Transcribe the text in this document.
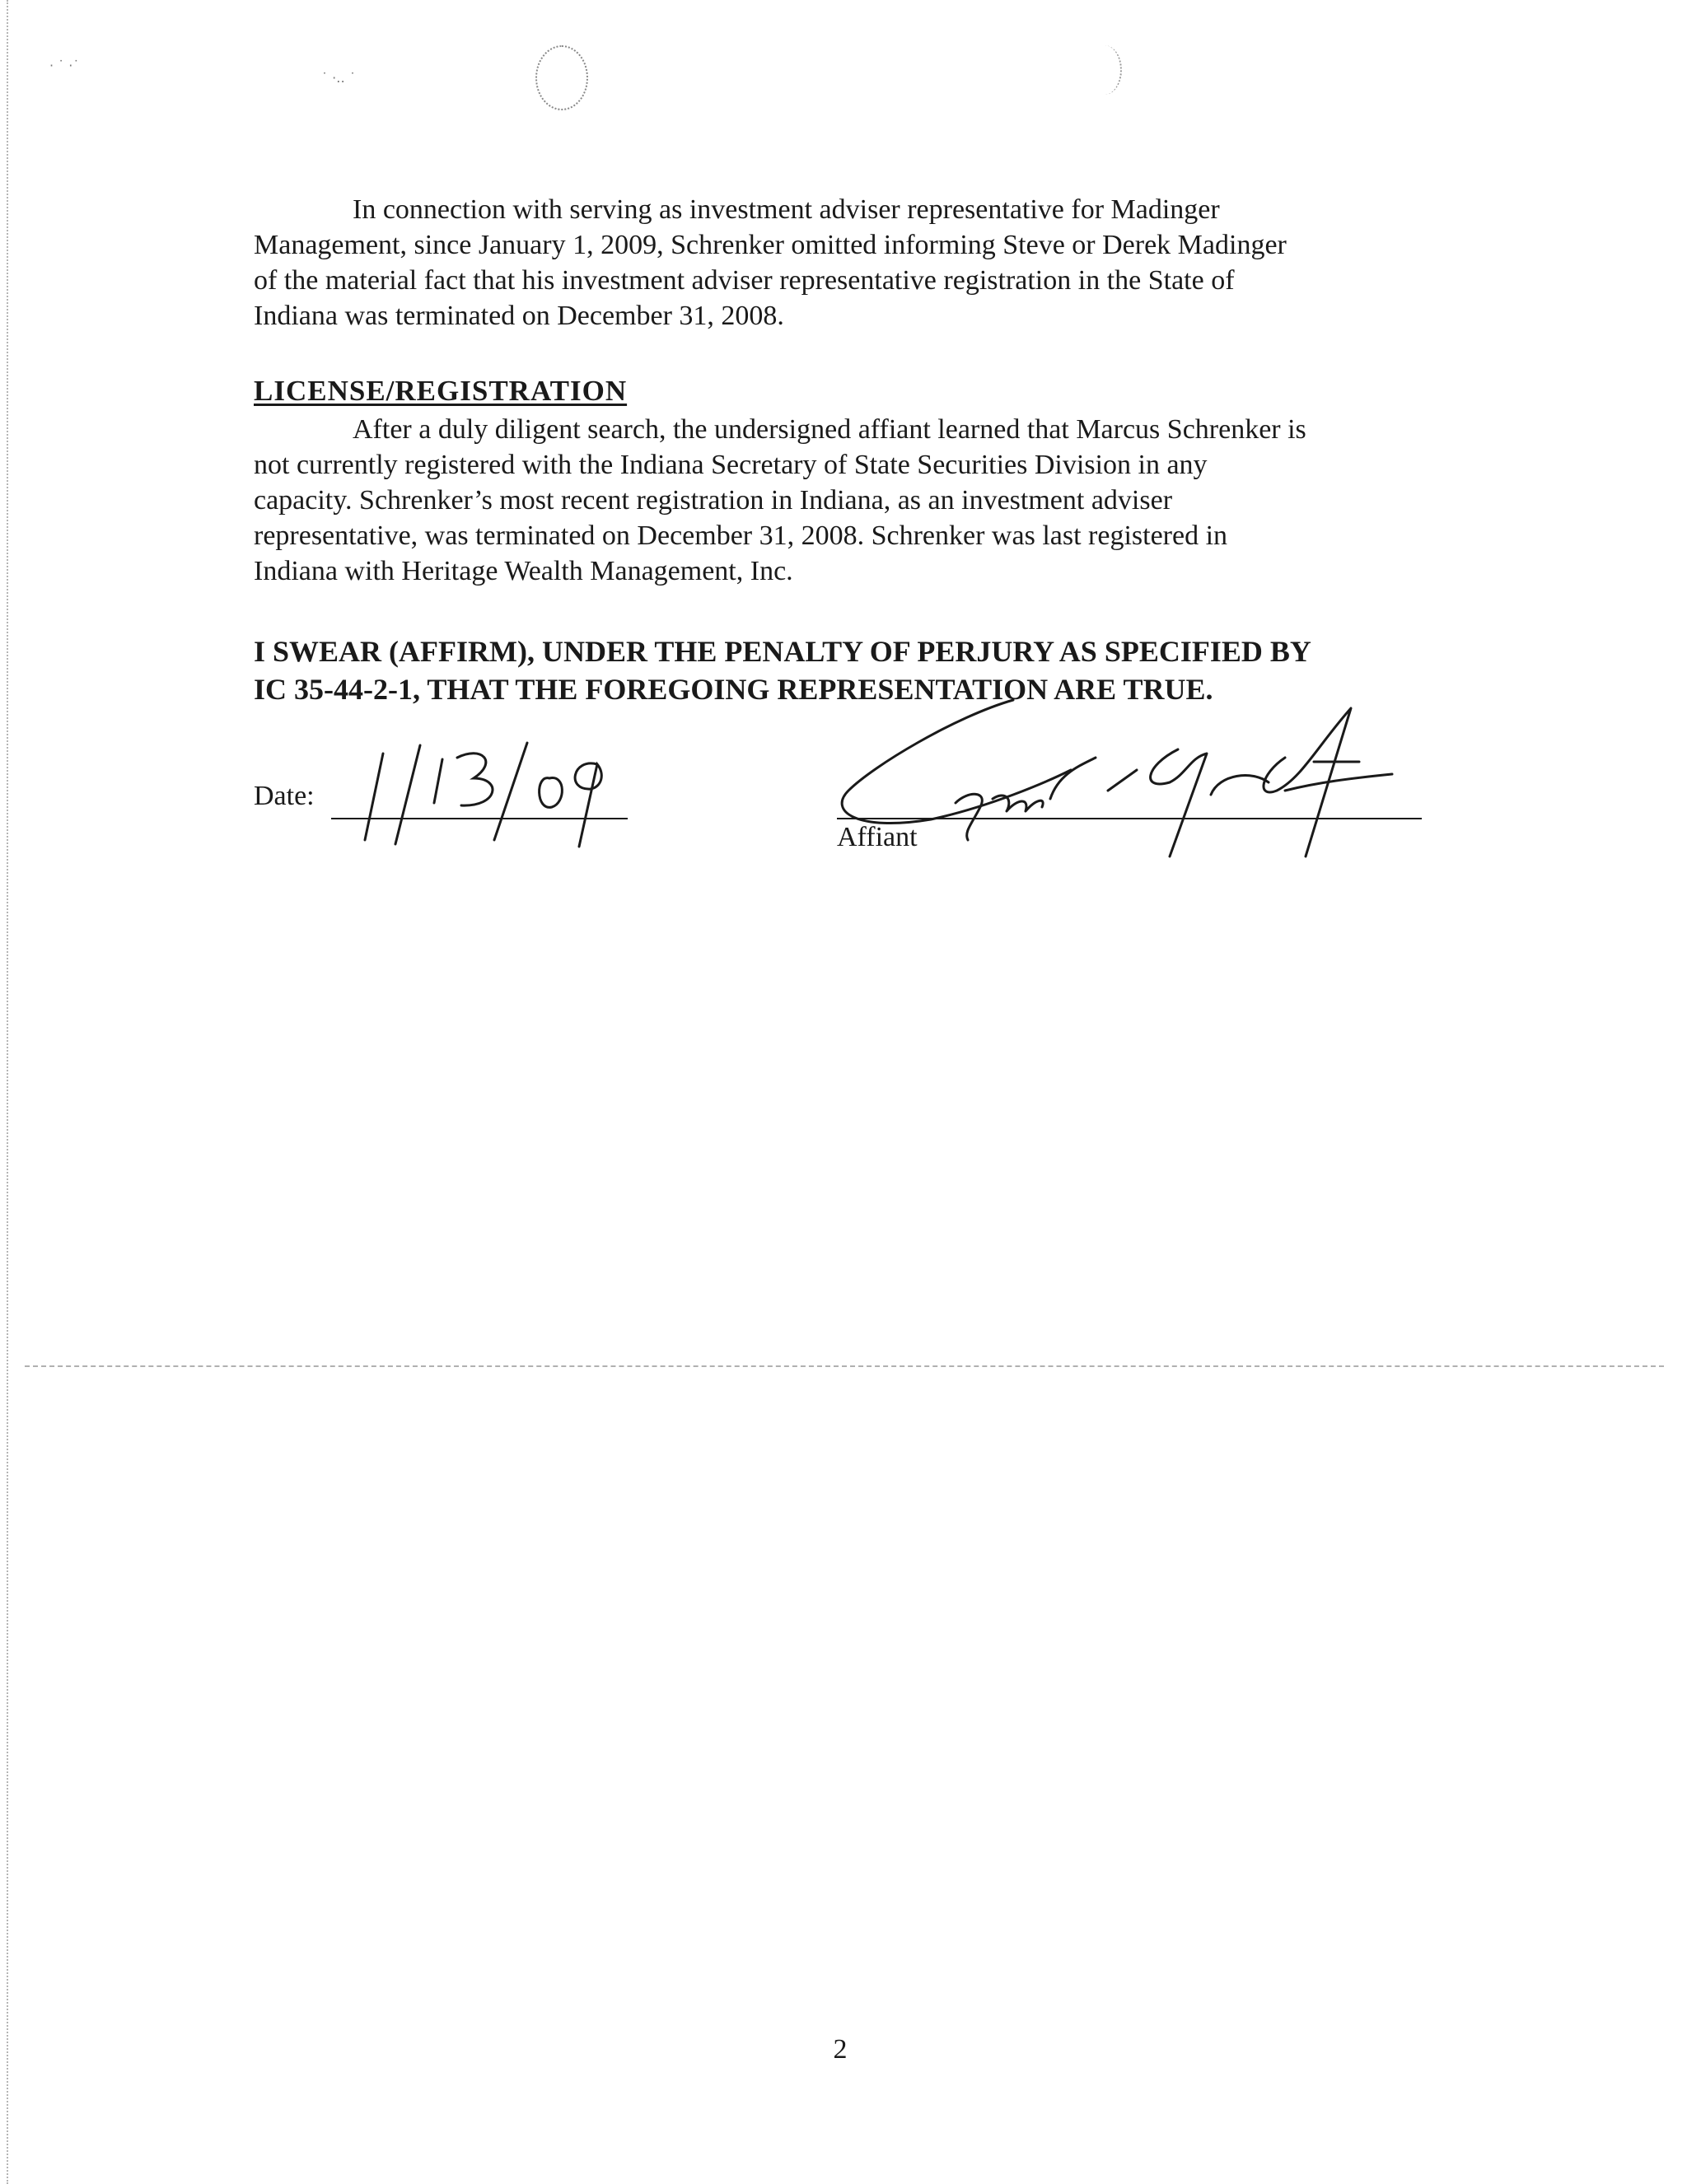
· ˙ ·˙
˙ ·‥ ˙

In connection with serving as investment adviser representative for Madinger
Management, since January 1, 2009, Schrenker omitted informing Steve or Derek Madinger
of the material fact that his investment adviser representative registration in the State of
Indiana was terminated on December 31, 2008.

LICENSE/REGISTRATION

After a duly diligent search, the undersigned affiant learned that Marcus Schrenker is
not currently registered with the Indiana Secretary of State Securities Division in any
capacity. Schrenker’s most recent registration in Indiana, as an investment adviser
representative, was terminated on December 31, 2008. Schrenker was last registered in
Indiana with Heritage Wealth Management, Inc.

I SWEAR (AFFIRM), UNDER THE PENALTY OF PERJURY AS SPECIFIED BY
IC 35-44-2-1, THAT THE FOREGOING REPRESENTATION ARE TRUE.
Date:
Affiant
2
